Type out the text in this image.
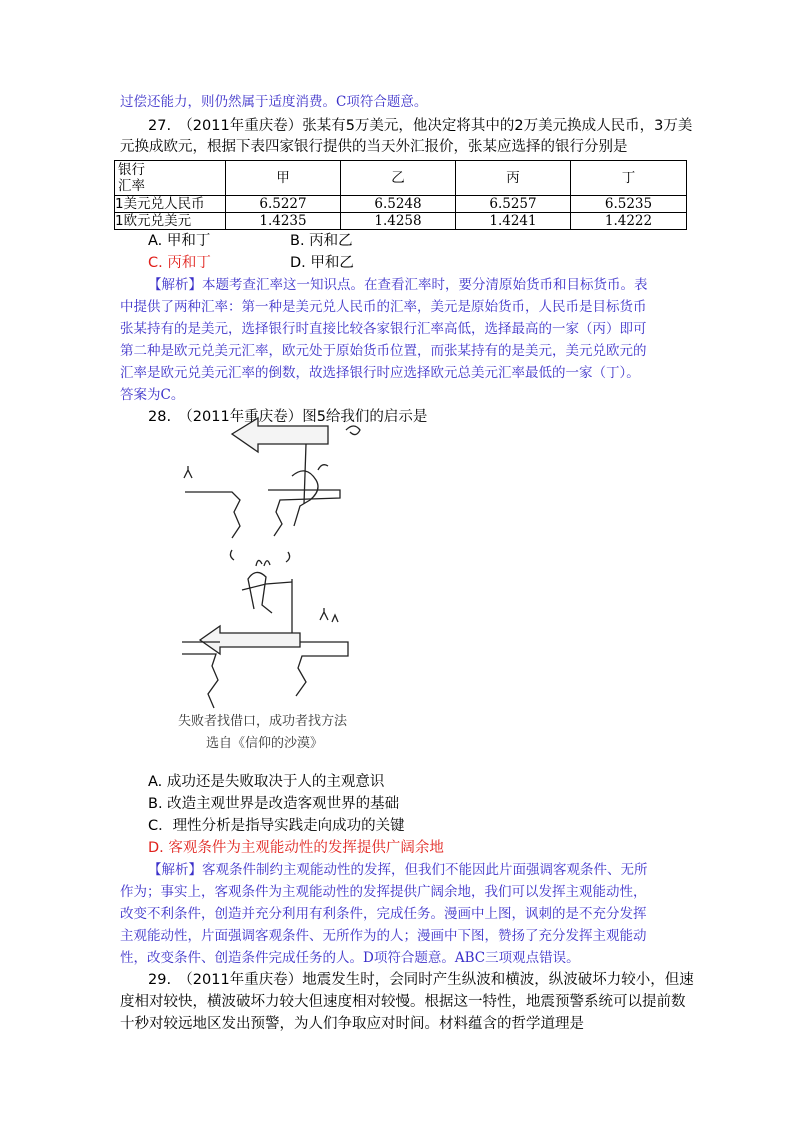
过偿还能力，则仍然属于适度消费。C项符合题意。
27.　（2011年重庆卷）张某有5万美元，他决定将其中的2万美元换成人民币，3万美
元换成欧元，根据下表四家银行提供的当天外汇报价，张某应选择的银行分别是
银行
汇率	甲	乙	丙	丁
1美元兑人民币	6.5227	6.5248	6.5257	6.5235
1欧元兑美元	1.4235	1.4258	1.4241	1.4222
A. 甲和丁	B. 丙和乙
C. 丙和丁	D. 甲和乙
【解析】本题考查汇率这一知识点。在查看汇率时，要分清原始货币和目标货币。表
中提供了两种汇率：第一种是美元兑人民币的汇率，美元是原始货币，人民币是目标货币
张某持有的是美元，选择银行时直接比较各家银行汇率高低，选择最高的一家（丙）即可
第二种是欧元兑美元汇率，欧元处于原始货币位置，而张某持有的是美元，美元兑欧元的
汇率是欧元兑美元汇率的倒数，故选择银行时应选择欧元总美元汇率最低的一家（丁）。
答案为C。
28.　（2011年重庆卷）图5给我们的启示是
失败者找借口，成功者找方法
选自《信仰的沙漠》
A. 成功还是失败取决于人的主观意识
B. 改造主观世界是改造客观世界的基础
C．理性分析是指导实践走向成功的关键
D. 客观条件为主观能动性的发挥提供广阔余地
【解析】客观条件制约主观能动性的发挥，但我们不能因此片面强调客观条件、无所
作为；事实上，客观条件为主观能动性的发挥提供广阔余地，我们可以发挥主观能动性，
改变不利条件，创造并充分利用有利条件，完成任务。漫画中上图，讽刺的是不充分发挥
主观能动性，片面强调客观条件、无所作为的人；漫画中下图，赞扬了充分发挥主观能动
性，改变条件、创造条件完成任务的人。D项符合题意。ABC三项观点错误。
29.　（2011年重庆卷）地震发生时，会同时产生纵波和横波，纵波破坏力较小，但速
度相对较快，横波破坏力较大但速度相对较慢。根据这一特性，地震预警系统可以提前数
十秒对较远地区发出预警，为人们争取应对时间。材料蕴含的哲学道理是
